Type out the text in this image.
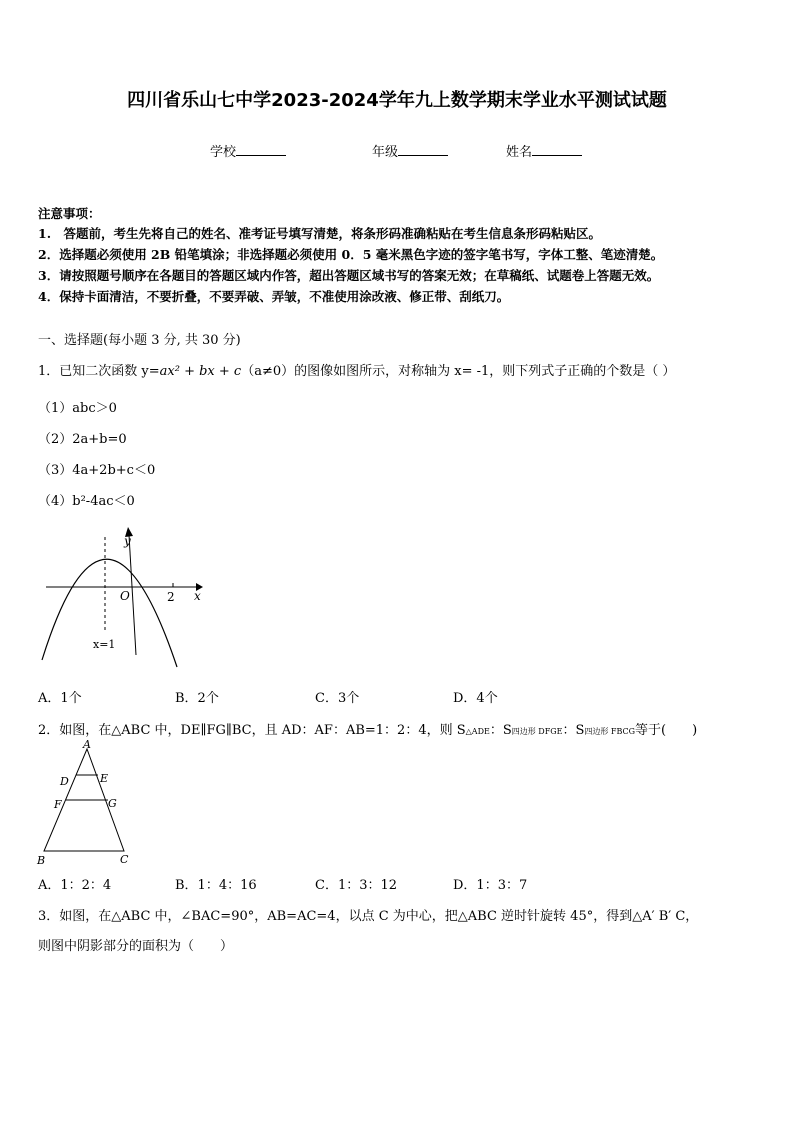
四川省乐山七中学2023-2024学年九上数学期末学业水平测试试题
学校	年级	姓名
注意事项：
1.　答题前，考生先将自己的姓名、准考证号填写清楚，将条形码准确粘贴在考生信息条形码粘贴区。
2．选择题必须使用 2B 铅笔填涂；非选择题必须使用 0．5 毫米黑色字迹的签字笔书写，字体工整、笔迹清楚。
3．请按照题号顺序在各题目的答题区域内作答，超出答题区域书写的答案无效；在草稿纸、试题卷上答题无效。
4．保持卡面清洁，不要折叠，不要弄破、弄皱，不准使用涂改液、修正带、刮纸刀。
一、选择题(每小题 3 分, 共 30 分)
1．已知二次函数 y=ax² + bx + c（a≠0）的图像如图所示，对称轴为 x= -1，则下列式子正确的个数是（ ）
（1）abc＞0
（2）2a+b=0
（3）4a+2b+c＜0
（4）b²-4ac＜0
y
x
O	2
x=1
A．1个	B．2个	C．3个	D．4个
2．如图，在△ABC 中，DE∥FG∥BC，且 AD：AF：AB=1：2：4，则 S△ADE：S四边形 DFGE：S四边形 FBCG等于(　　)
A
D	E
F	G
B	C
A．1：2：4	B．1：4：16	C．1：3：12	D．1：3：7
3．如图，在△ABC 中，∠BAC=90°，AB=AC=4，以点 C 为中心，把△ABC 逆时针旋转 45°，得到△A′ B′ C，
则图中阴影部分的面积为（　　）
